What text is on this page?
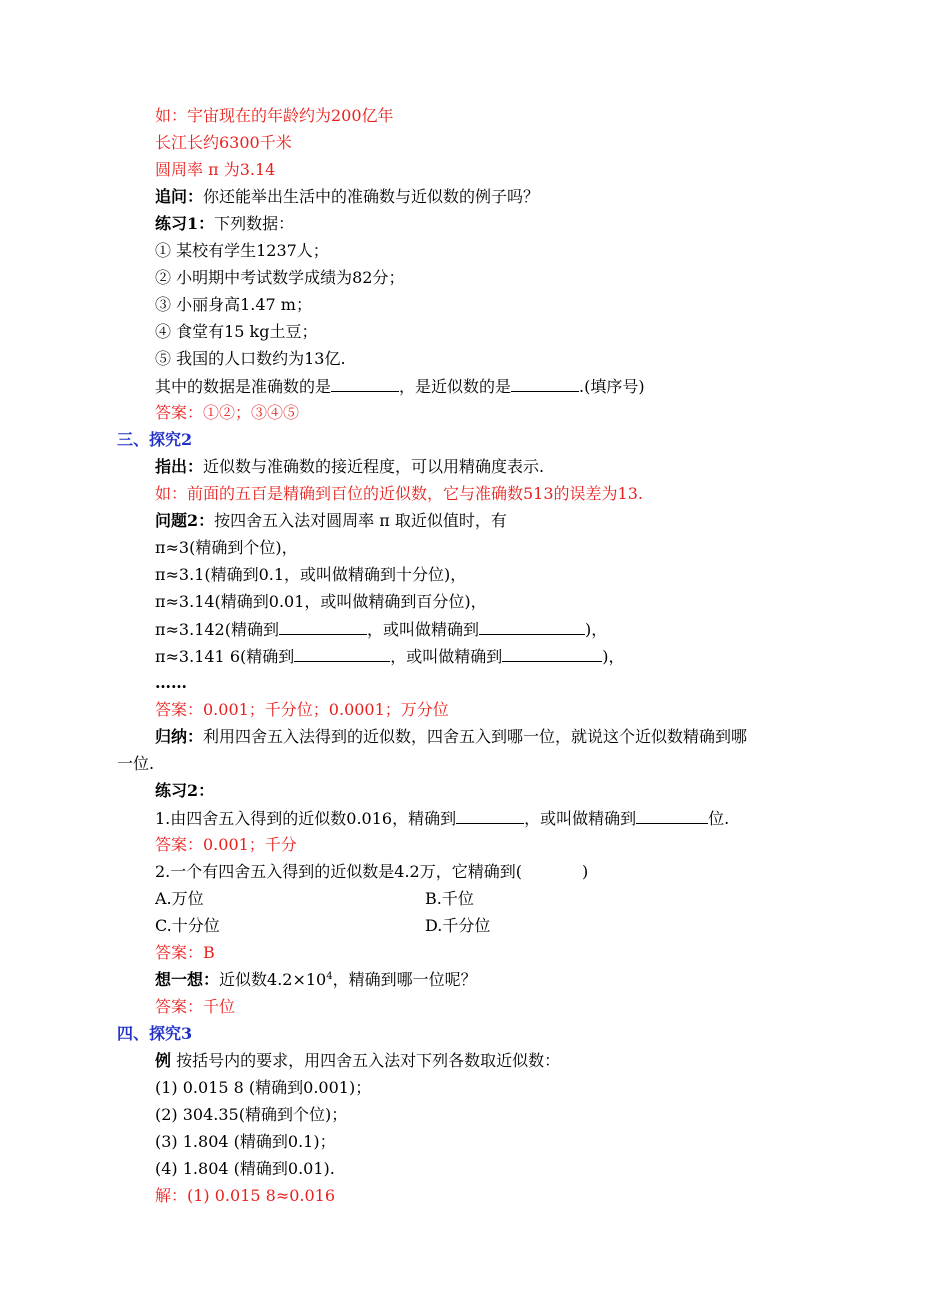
如：宇宙现在的年龄约为200亿年
长江长约6300千米
圆周率 π 为3.14
追问：你还能举出生活中的准确数与近似数的例子吗？
练习1：下列数据：
① 某校有学生1237人；
② 小明期中考试数学成绩为82分；
③ 小丽身高1.47 m；
④ 食堂有15 kg土豆；
⑤ 我国的人口数约为13亿.
其中的数据是准确数的是	，是近似数的是	.(填序号)
答案：①②；③④⑤
三、探究2
指出：近似数与准确数的接近程度，可以用精确度表示.
如：前面的五百是精确到百位的近似数，它与准确数513的误差为13.
问题2：按四舍五入法对圆周率 π 取近似值时，有
π≈3(精确到个位)，
π≈3.1(精确到0.1，或叫做精确到十分位)，
π≈3.14(精确到0.01，或叫做精确到百分位)，
π≈3.142(精确到	，或叫做精确到	)，
π≈3.141 6(精确到	，或叫做精确到	)，
……
答案：0.001；千分位；0.0001；万分位
归纳：利用四舍五入法得到的近似数，四舍五入到哪一位，就说这个近似数精确到哪
一位.
练习2：
1.由四舍五入得到的近似数0.016，精确到	，或叫做精确到	位.
答案：0.001；千分
2.一个有四舍五入得到的近似数是4.2万，它精确到(	)
A.万位	B.千位
C.十分位	D.千分位
答案：B
想一想：近似数$4.2\times 10^4$，精确到哪一位呢？
答案：千位
四、探究3
例 按括号内的要求，用四舍五入法对下列各数取近似数：
(1) 0.015 8 (精确到0.001)；
(2) 304.35(精确到个位)；
(3) 1.804 (精确到0.1)；
(4) 1.804 (精确到0.01).
解：(1) 0.015 8≈0.016
